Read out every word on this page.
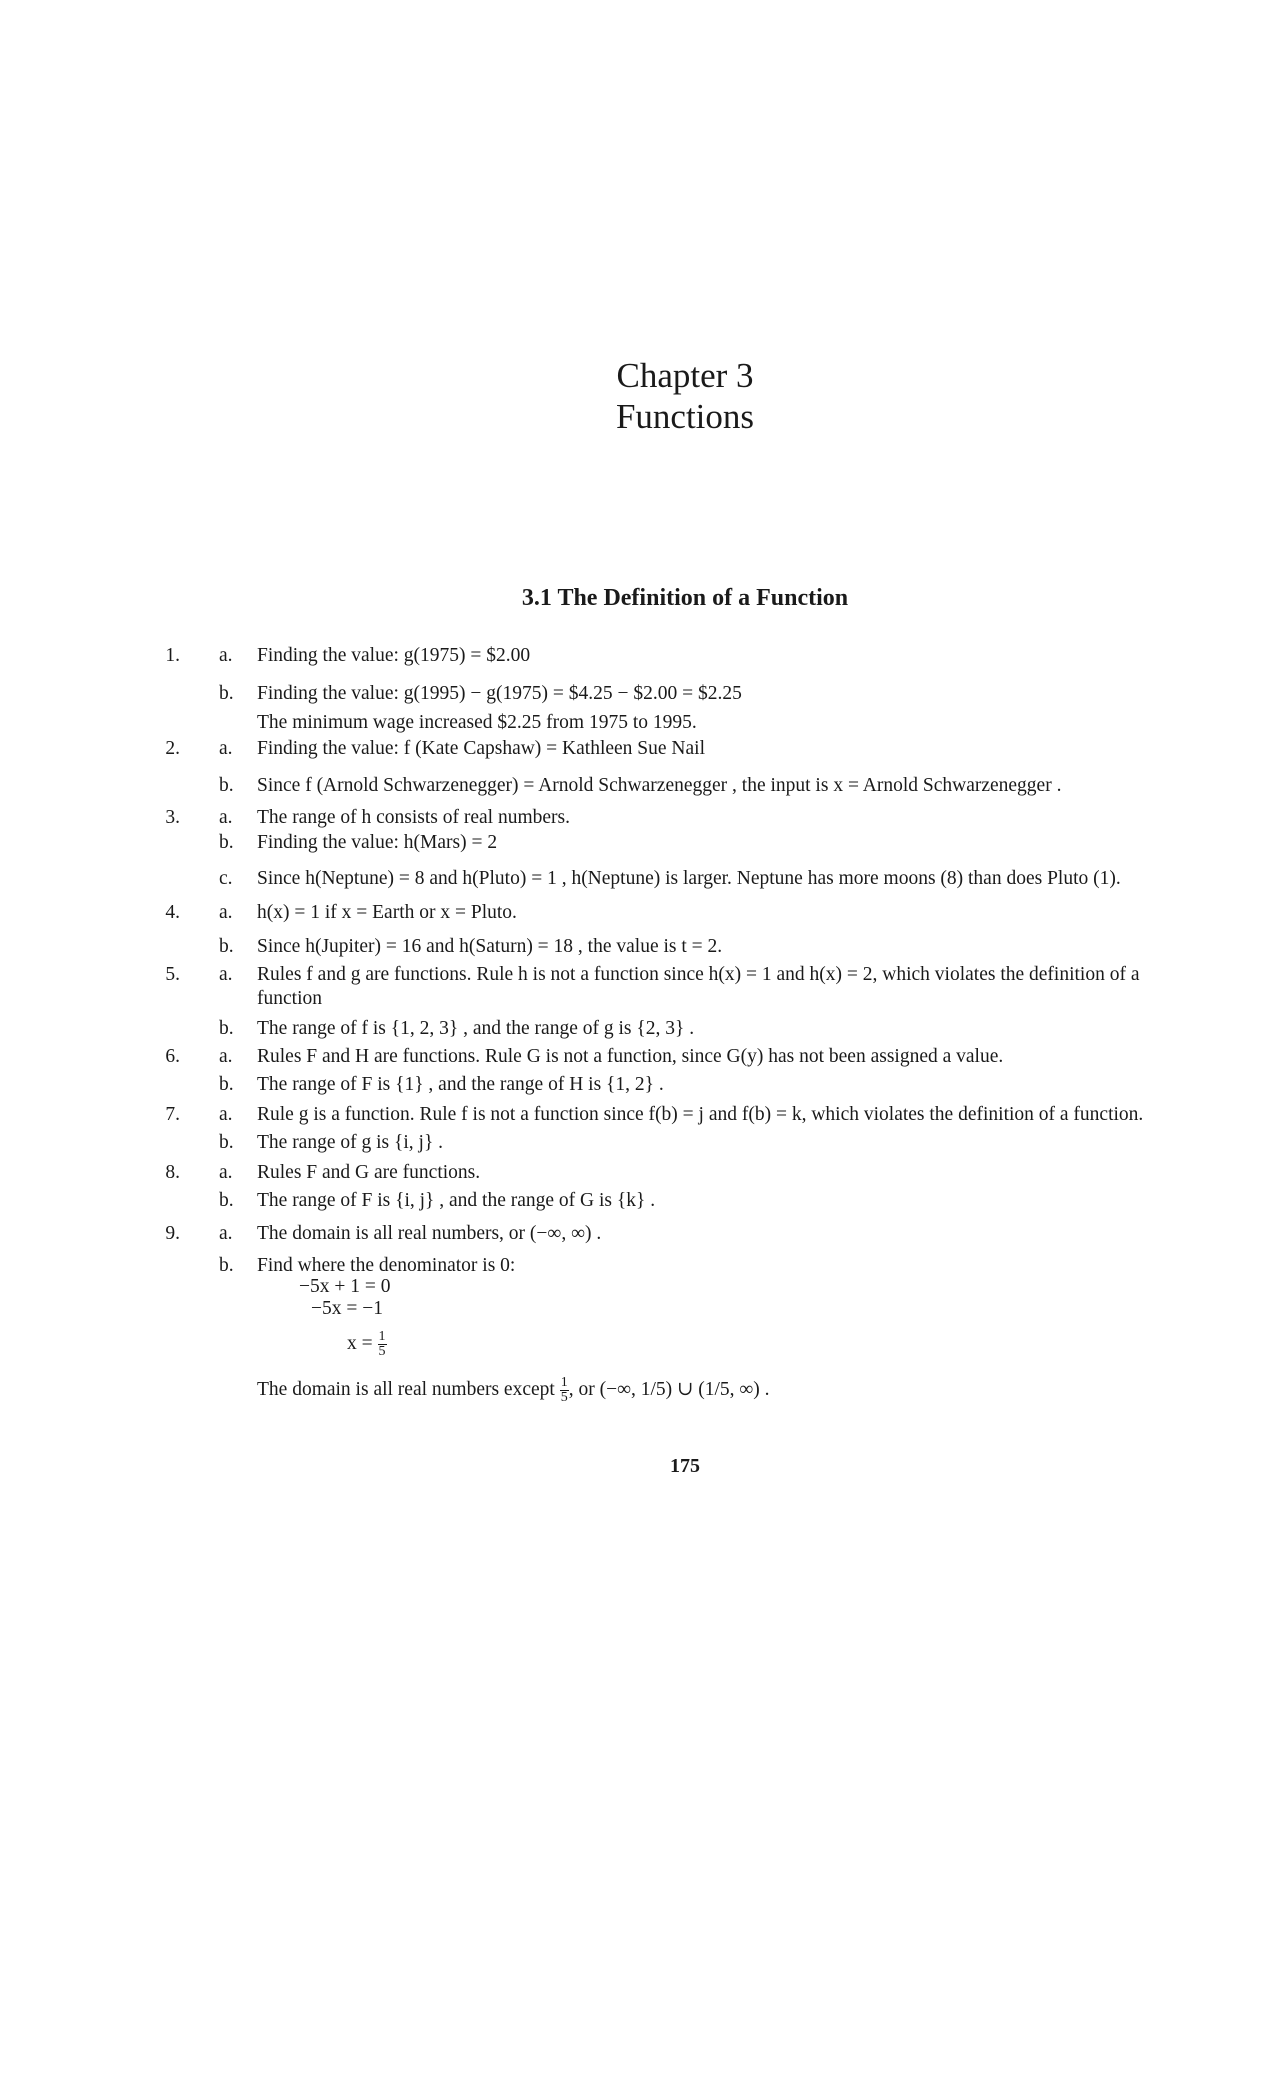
Chapter 3
Functions
3.1 The Definition of a Function
1. a. Finding the value: g(1975) = $2.00
b. Finding the value: g(1995) − g(1975) = $4.25 − $2.00 = $2.25
The minimum wage increased $2.25 from 1975 to 1995.
2. a. Finding the value: f (Kate Capshaw) = Kathleen Sue Nail
b. Since f (Arnold Schwarzenegger) = Arnold Schwarzenegger , the input is x = Arnold Schwarzenegger .
3. a. The range of h consists of real numbers.
b. Finding the value: h(Mars) = 2
c. Since h(Neptune) = 8 and h(Pluto) = 1 , h(Neptune) is larger. Neptune has more moons (8) than does Pluto (1).
4. a. h(x) = 1 if x = Earth or x = Pluto.
b. Since h(Jupiter) = 16 and h(Saturn) = 18 , the value is t = 2.
5. a. Rules f and g are functions. Rule h is not a function since h(x) = 1 and h(x) = 2, which violates the definition of a
function
b. The range of f is {1, 2, 3} , and the range of g is {2, 3} .
6. a. Rules F and H are functions. Rule G is not a function, since G(y) has not been assigned a value.
b. The range of F is {1} , and the range of H is {1, 2} .
7. a. Rule g is a function. Rule f is not a function since f(b) = j and f(b) = k, which violates the definition of a function.
b. The range of g is {i, j} .
8. a. Rules F and G are functions.
b. The range of F is {i, j} , and the range of G is {k} .
9. a. The domain is all real numbers, or (−∞, ∞) .
b. Find where the denominator is 0:
−5x + 1 = 0
−5x = −1
$x = \frac{1}{5}$
The domain is all real numbers except $\frac{1}{5}$ , or (−∞, 1/5) ∪ (1/5, ∞) .
175
